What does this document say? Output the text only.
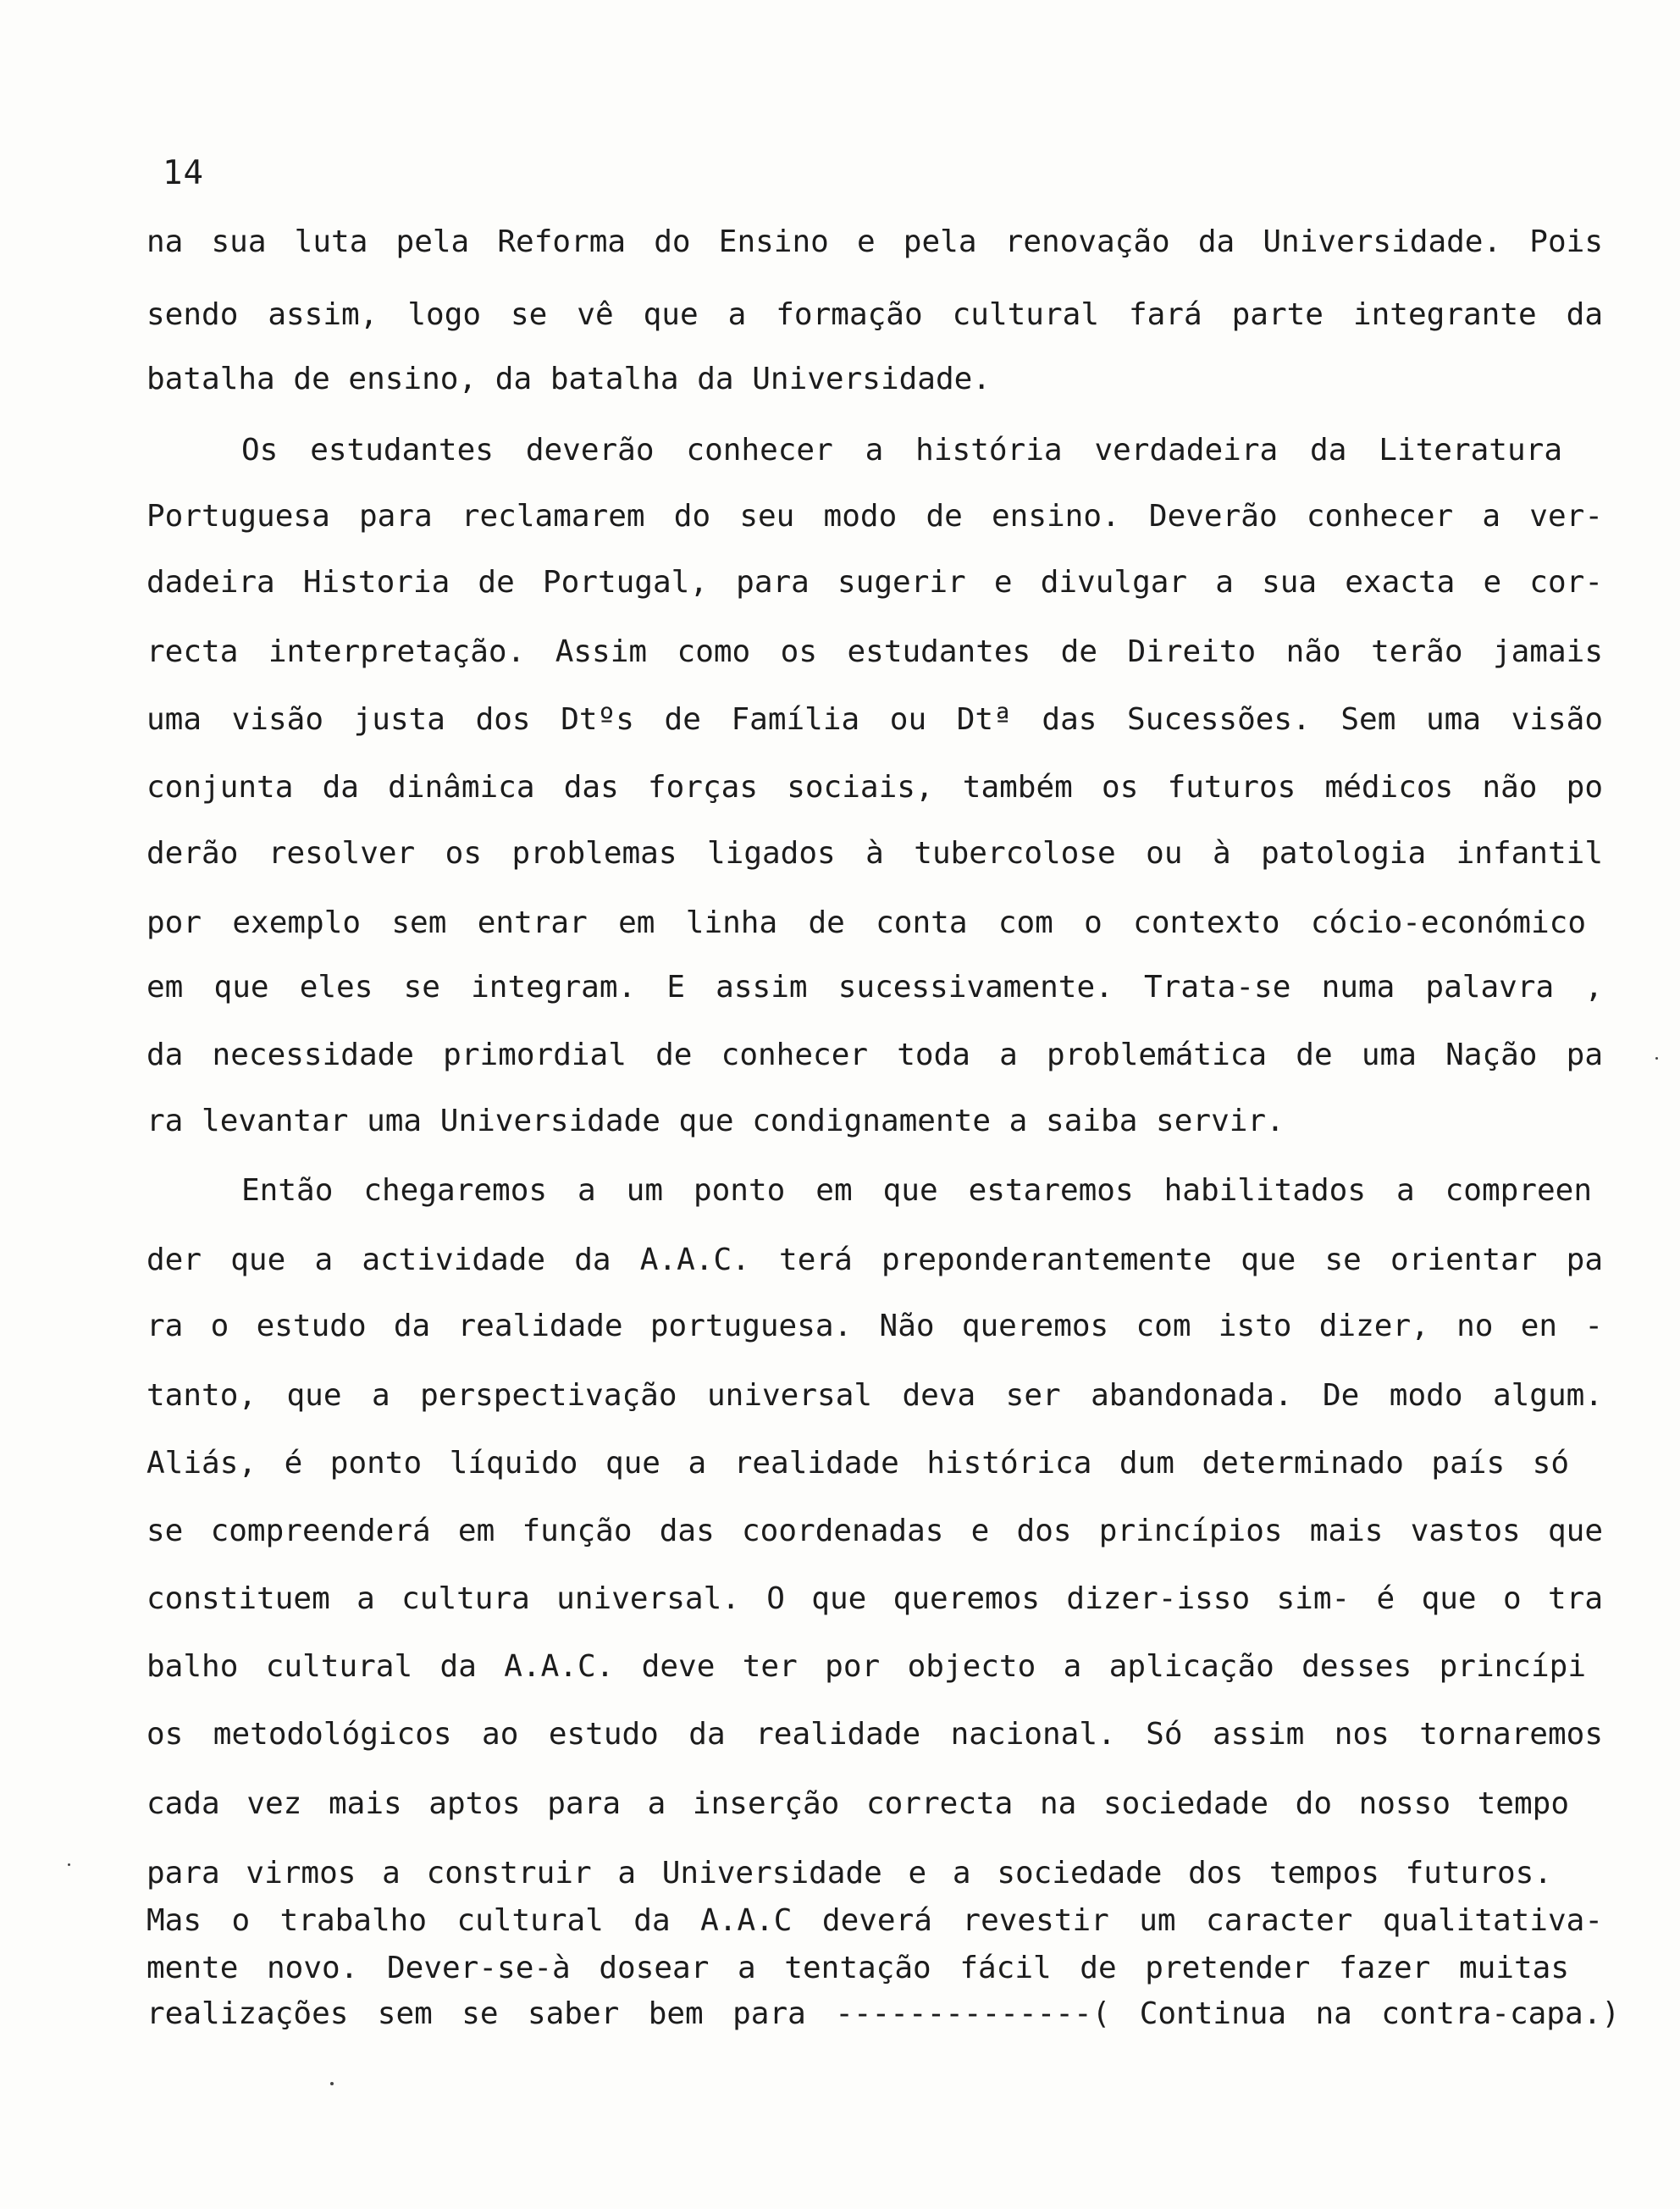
14
na sua luta pela Reforma do Ensino e pela renovação da Universidade. Pois
sendo assim, logo se vê que a formação cultural fará parte integrante da
batalha de ensino, da batalha da Universidade.
Os estudantes deverão conhecer a história verdadeira da Literatura
Portuguesa para reclamarem do seu modo de ensino. Deverão conhecer a ver-
dadeira Historia de Portugal, para sugerir e divulgar a sua exacta e cor-
recta interpretação. Assim como os estudantes de Direito não terão jamais
uma visão justa dos Dtºs de Família ou Dtª das Sucessões. Sem uma visão
conjunta da dinâmica das forças sociais, também os futuros médicos não po
derão resolver os problemas ligados à tubercolose ou à patologia infantil
por exemplo sem entrar em linha de conta com o contexto cócio-económico
em que eles se integram. E assim sucessivamente. Trata-se numa palavra ,
da necessidade primordial de conhecer toda a problemática de uma Nação pa
ra levantar uma Universidade que condignamente a saiba servir.
Então chegaremos a um ponto em que estaremos habilitados a compreen
der que a actividade da A.A.C. terá preponderantemente que se orientar pa
ra o estudo da realidade portuguesa. Não queremos com isto dizer, no en -
tanto, que a perspectivação universal deva ser abandonada. De modo algum.
Aliás, é ponto líquido que a realidade histórica dum determinado país só
se compreenderá em função das coordenadas e dos princípios mais vastos que
constituem a cultura universal. O que queremos dizer-isso sim- é que o tra
balho cultural da A.A.C. deve ter por objecto a aplicação desses princípi
os metodológicos ao estudo da realidade nacional. Só assim nos tornaremos
cada vez mais aptos para a inserção correcta na sociedade do nosso tempo
para virmos a construir a Universidade e a sociedade dos tempos futuros.
Mas o trabalho cultural da A.A.C deverá revestir um caracter qualitativa-
mente novo. Dever-se-à dosear a tentação fácil de pretender fazer muitas
realizações sem se saber bem para --------------( Continua na contra-capa.)
